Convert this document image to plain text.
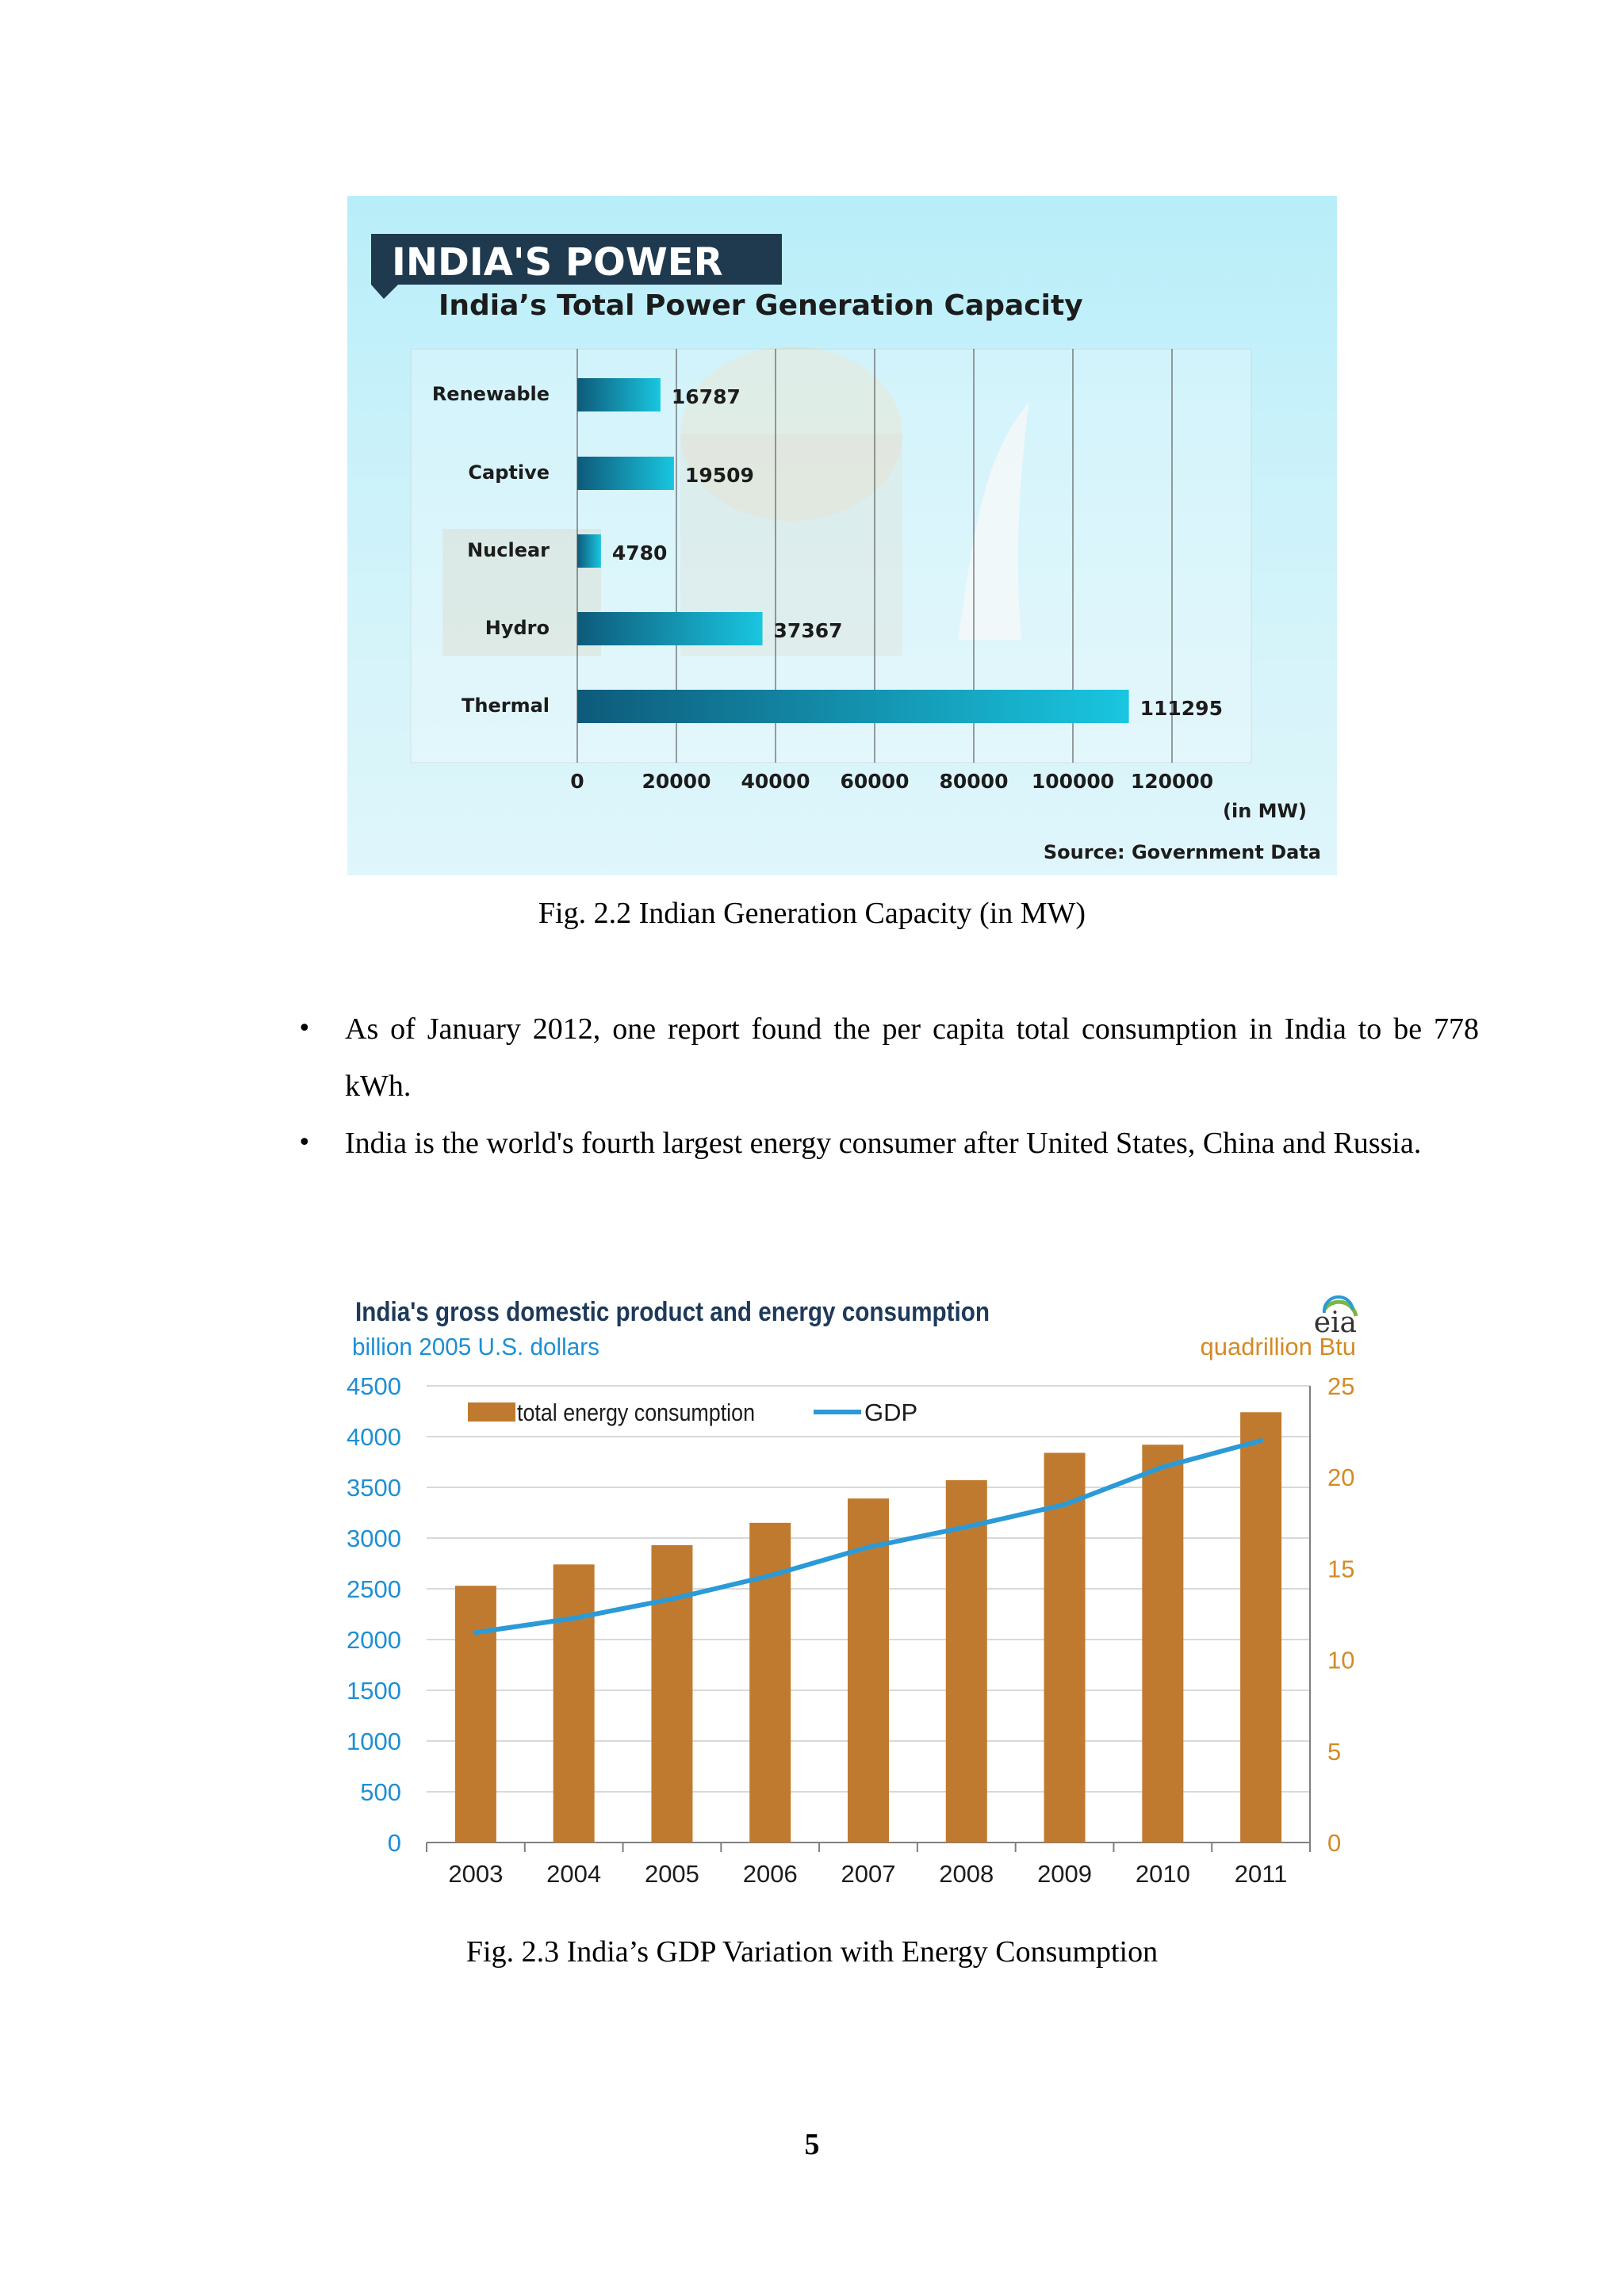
INDIA'S POWER
India’s Total Power Generation Capacity
0	20000 40000 60000 80000 100000 120000
Renewable	16787
Captive	19509
Nuclear	4780
Hydro	37367
Thermal	111295
(in MW)
Source: Government Data
Fig. 2.2 Indian Generation Capacity (in MW)
• As of January 2012, one report found the per capita total consumption in India to be 778 kWh.
• India is the world's fourth largest energy consumer after United States, China and Russia.
India's gross domestic product and energy consumption
billion 2005 U.S. dollars	quadrillion Btu
eia
0
500
1000
1500
2000
2500
3000
3500
4000
4500
0
5
10
15
20
25
2003 2004 2005 2006 2007 2008 2009 2010 2011
total energy consumption	GDP
Fig. 2.3 India’s GDP Variation with Energy Consumption
5
